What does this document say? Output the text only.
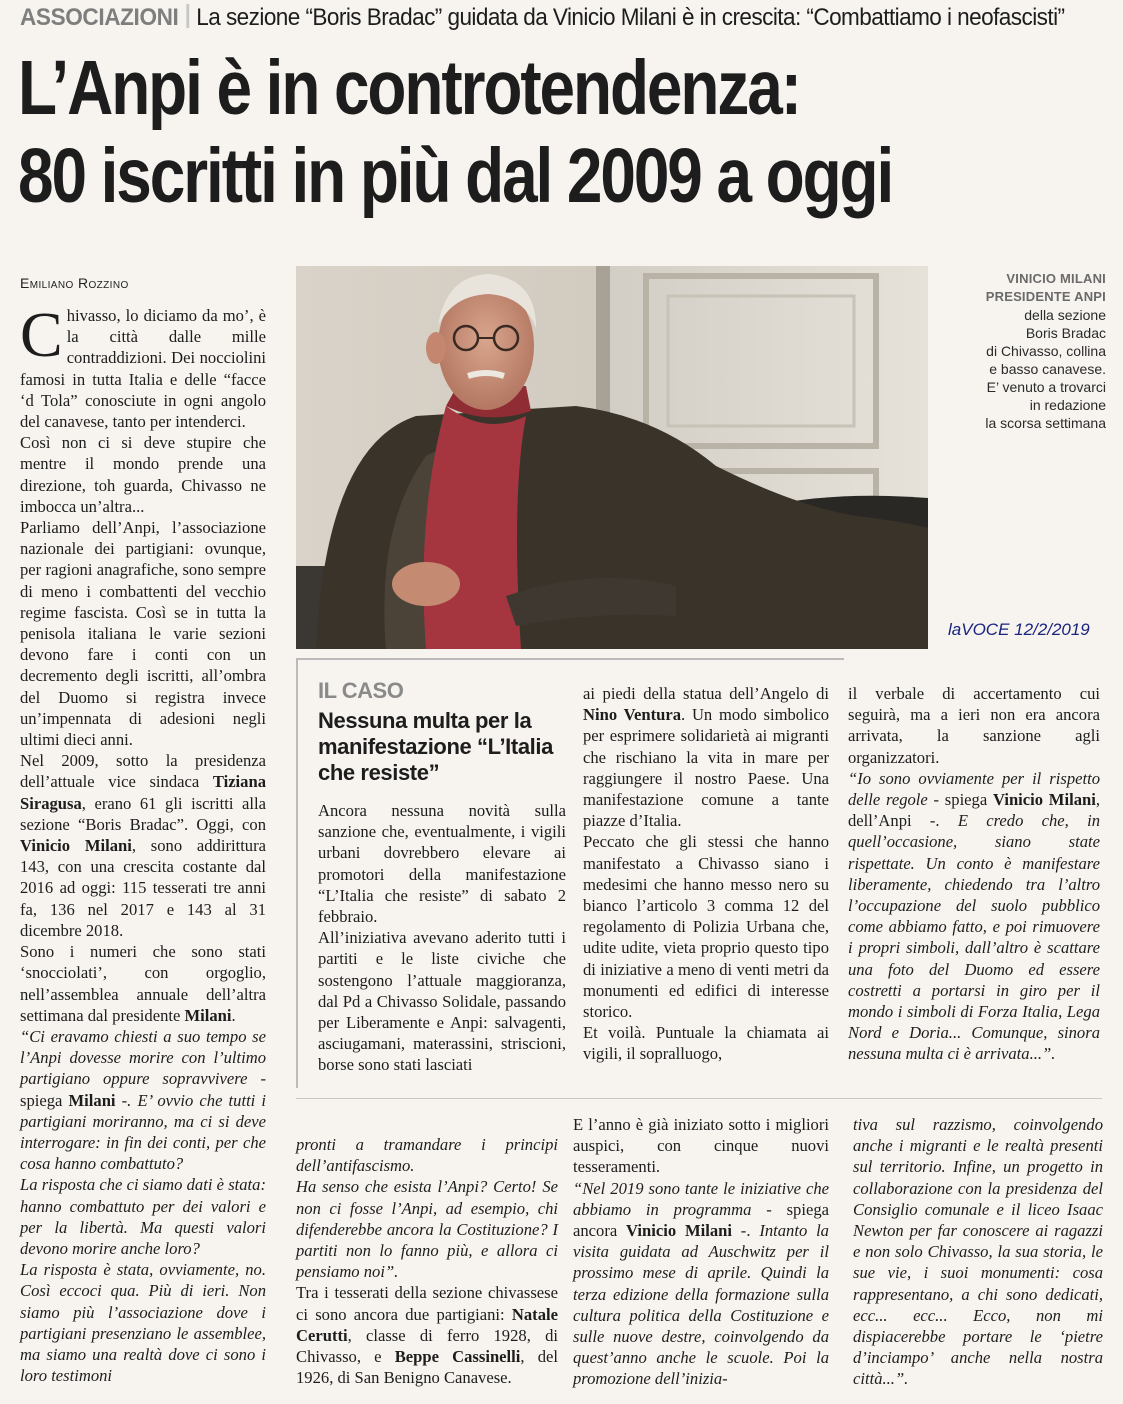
ASSOCIAZIONI La sezione “Boris Bradac” guidata da Vinicio Milani è in crescita: “Combattiamo i neofascisti”
L’Anpi è in controtendenza:
80 iscritti in più dal 2009 a oggi
Emiliano Rozzino	VINICIO MILANI
PRESIDENTE ANPI
della sezione
Boris Bradac
di Chivasso, collina
e basso canavese.
E’ venuto a trovarci
in redazione
la scorsa settimana
laVOCE 12/2/2019

Chivasso, lo diciamo da mo’, è la città dalle mille contraddizioni. Dei nocciolini famosi in tutta Italia e delle “facce ‘d Tola” conosciute in ogni angolo del canavese, tanto per intenderci.

Così non ci si deve stupire che mentre il mondo prende una direzione, toh guarda, Chivasso ne imbocca un’altra...

Parliamo dell’Anpi, l’associazione nazionale dei partigiani: ovunque, per ragioni anagrafiche, sono sempre di meno i combattenti del vecchio regime fascista. Così se in tutta la penisola italiana le varie sezioni devono fare i conti con un decremento degli iscritti, all’ombra del Duomo si registra invece un’impennata di adesioni negli ultimi dieci anni.

Nel 2009, sotto la presidenza dell’attuale vice sindaca Tiziana Siragusa, erano 61 gli iscritti alla sezione “Boris Bradac”. Oggi, con Vinicio Milani, sono addirittura 143, con una crescita costante dal 2016 ad oggi: 115 tesserati tre anni fa, 136 nel 2017 e 143 al 31 dicembre 2018.

Sono i numeri che sono stati ‘snocciolati’, con orgoglio, nell’assemblea annuale dell’altra settimana dal presidente Milani.

“Ci eravamo chiesti a suo tempo se l’Anpi dovesse morire con l’ultimo partigiano oppure sopravvivere - spiega Milani -. E’ ovvio che tutti i partigiani moriranno, ma ci si deve interrogare: in fin dei conti, per che cosa hanno combattuto?

La risposta che ci siamo dati è stata: hanno combattuto per dei valori e per la libertà. Ma questi valori devono morire anche loro?

La risposta è stata, ovviamente, no. Così eccoci qua. Più di ieri. Non siamo più l’associazione dove i partigiani presenziano le assemblee, ma siamo una realtà dove ci sono i loro testimoni

IL CASO
Nessuna multa per la manifestazione “L’Italia che resiste”

Ancora nessuna novità sulla sanzione che, eventualmente, i vigili urbani dovrebbero elevare ai promotori della manifestazione “L’Italia che resiste” di sabato 2 febbraio.

All’iniziativa avevano aderito tutti i partiti e le liste civiche che sostengono l’attuale maggioranza, dal Pd a Chivasso Solidale, passando per Liberamente e Anpi: salvagenti, asciugamani, materassini, striscioni, borse sono stati lasciati

ai piedi della statua dell’Angelo di Nino Ventura. Un modo simbolico per esprimere solidarietà ai migranti che rischiano la vita in mare per raggiungere il nostro Paese. Una manifestazione comune a tante piazze d’Italia.

Peccato che gli stessi che hanno manifestato a Chivasso siano i medesimi che hanno messo nero su bianco l’articolo 3 comma 12 del regolamento di Polizia Urbana che, udite udite, vieta proprio questo tipo di iniziative a meno di venti metri da monumenti ed edifici di interesse storico.

Et voilà. Puntuale la chiamata ai vigili, il sopralluogo,

il verbale di accertamento cui seguirà, ma a ieri non era ancora arrivata, la sanzione agli organizzatori.

“Io sono ovviamente per il rispetto delle regole - spiega Vinicio Milani, dell’Anpi -. E credo che, in quell’occasione, siano state rispettate. Un conto è manifestare liberamente, chiedendo tra l’altro l’occupazione del suolo pubblico come abbiamo fatto, e poi rimuovere i propri simboli, dall’altro è scattare una foto del Duomo ed essere costretti a portarsi in giro per il mondo i simboli di Forza Italia, Lega Nord e Doria... Comunque, sinora nessuna multa ci è arrivata...”.

pronti a tramandare i principi dell’antifascismo.

Ha senso che esista l’Anpi? Certo! Se non ci fosse l’Anpi, ad esempio, chi difenderebbe ancora la Costituzione? I partiti non lo fanno più, e allora ci pensiamo noi”.

Tra i tesserati della sezione chivassese ci sono ancora due partigiani: Natale Cerutti, classe di ferro 1928, di Chivasso, e Beppe Cassinelli, del 1926, di San Benigno Canavese.

E l’anno è già iniziato sotto i migliori auspici, con cinque nuovi tesseramenti.

“Nel 2019 sono tante le iniziative che abbiamo in programma - spiega ancora Vinicio Milani -. Intanto la visita guidata ad Auschwitz per il prossimo mese di aprile. Quindi la terza edizione della formazione sulla cultura politica della Costituzione e sulle nuove destre, coinvolgendo da quest’anno anche le scuole. Poi la promozione dell’inizia-

tiva sul razzismo, coinvolgendo anche i migranti e le realtà presenti sul territorio. Infine, un progetto in collaborazione con la presidenza del Consiglio comunale e il liceo Isaac Newton per far conoscere ai ragazzi e non solo Chivasso, la sua storia, le sue vie, i suoi monumenti: cosa rappresentano, a chi sono dedicati, ecc... ecc... Ecco, non mi dispiacerebbe portare le ‘pietre d’inciampo’ anche nella nostra città...”.
